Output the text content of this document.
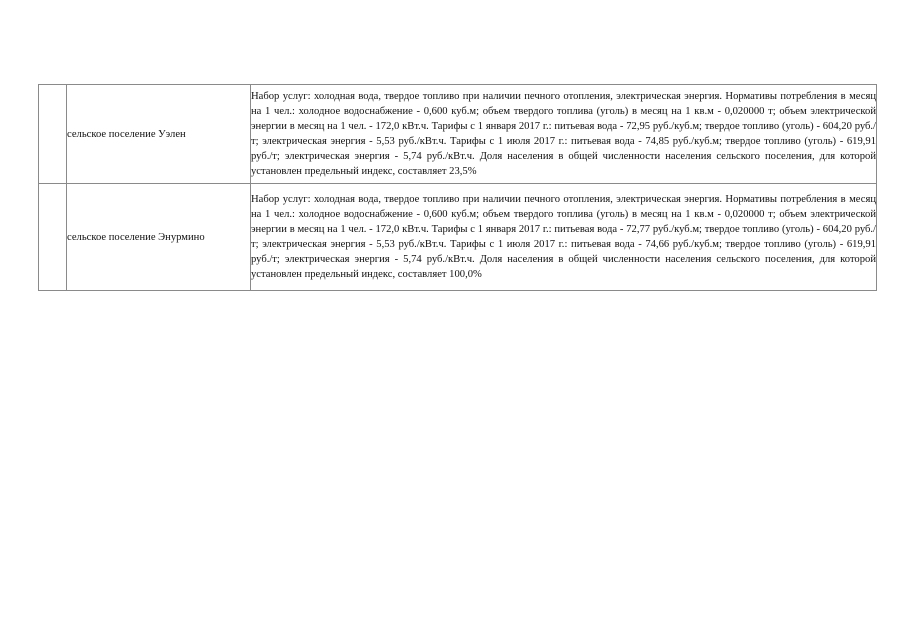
	сельское поселение Уэлен	Набор услуг: холодная вода, твердое топливо при наличии печного отопления, электрическая энергия. Нормативы потребления в месяц на 1 чел.: холодное водоснабжение - 0,600 куб.м; объем твердого топлива (уголь) в месяц на 1 кв.м - 0,020000 т; объем электрической энергии в месяц на 1 чел. - 172,0 кВт.ч. Тарифы с 1 января 2017 г.: питьевая вода - 72,95 руб./куб.м; твердое топливо (уголь) - 604,20 руб./т; электрическая энергия - 5,53 руб./кВт.ч. Тарифы с 1 июля 2017 г.: питьевая вода - 74,85 руб./куб.м; твердое топливо (уголь) - 619,91 руб./т; электрическая энергия - 5,74 руб./кВт.ч. Доля населения в общей численности населения сельского поселения, для которой установлен предельный индекс, составляет 23,5%
	сельское поселение Энурмино	Набор услуг: холодная вода, твердое топливо при наличии печного отопления, электрическая энергия. Нормативы потребления в месяц на 1 чел.: холодное водоснабжение - 0,600 куб.м; объем твердого топлива (уголь) в месяц на 1 кв.м - 0,020000 т; объем электрической энергии в месяц на 1 чел. - 172,0 кВт.ч. Тарифы с 1 января 2017 г.: питьевая вода - 72,77 руб./куб.м; твердое топливо (уголь) - 604,20 руб./т; электрическая энергия - 5,53 руб./кВт.ч. Тарифы с 1 июля 2017 г.: питьевая вода - 74,66 руб./куб.м; твердое топливо (уголь) - 619,91 руб./т; электрическая энергия - 5,74 руб./кВт.ч. Доля населения в общей численности населения сельского поселения, для которой установлен предельный индекс, составляет 100,0%
